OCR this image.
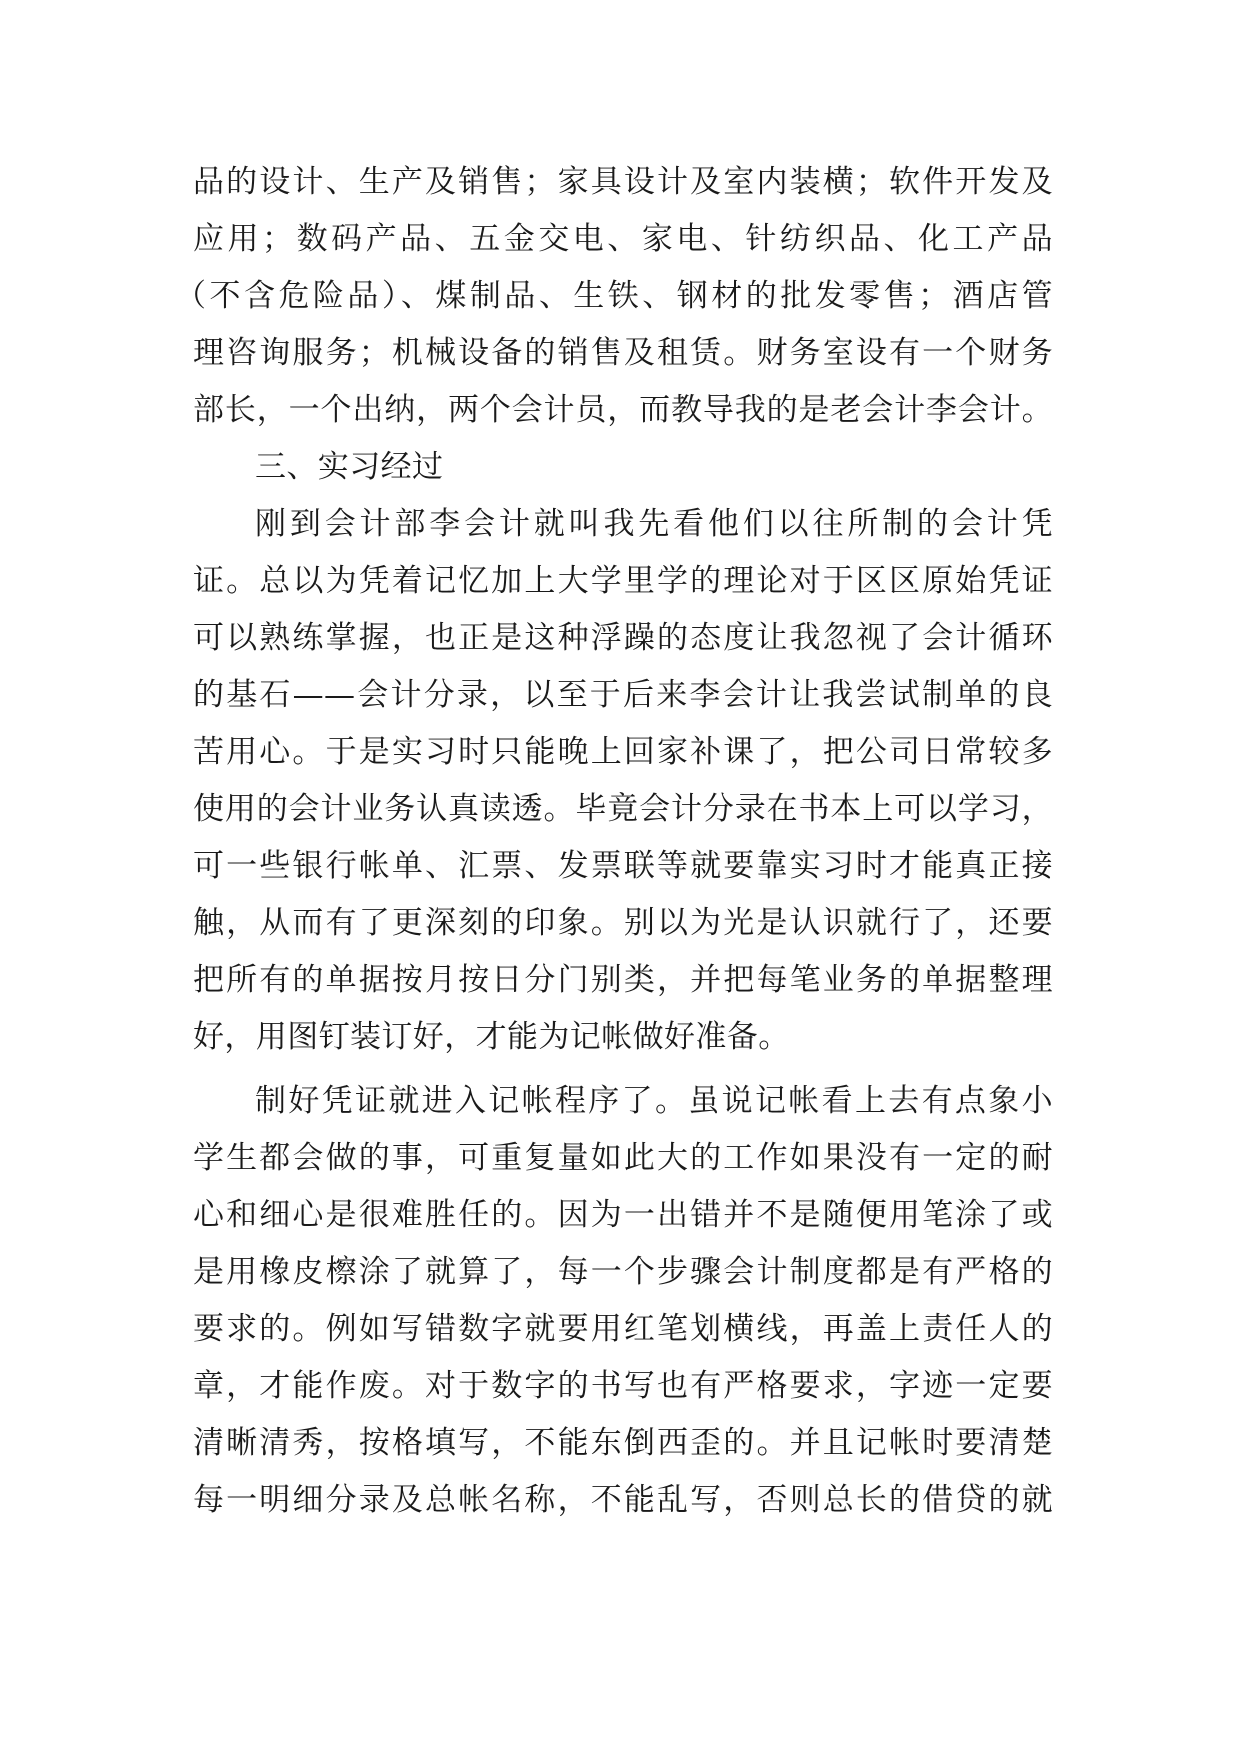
品的设计、生产及销售；家具设计及室内装横；软件开发及
应用；数码产品、五金交电、家电、针纺织品、化工产品
（不含危险品）、煤制品、生铁、钢材的批发零售；酒店管
理咨询服务；机械设备的销售及租赁。财务室设有一个财务
部长，一个出纳，两个会计员，而教导我的是老会计李会计。
三、实习经过
刚到会计部李会计就叫我先看他们以往所制的会计凭
证。总以为凭着记忆加上大学里学的理论对于区区原始凭证
可以熟练掌握，也正是这种浮躁的态度让我忽视了会计循环
的基石——会计分录，以至于后来李会计让我尝试制单的良
苦用心。于是实习时只能晚上回家补课了，把公司日常较多
使用的会计业务认真读透。毕竟会计分录在书本上可以学习，
可一些银行帐单、汇票、发票联等就要靠实习时才能真正接
触，从而有了更深刻的印象。别以为光是认识就行了，还要
把所有的单据按月按日分门别类，并把每笔业务的单据整理
好，用图钉装订好，才能为记帐做好准备。
制好凭证就进入记帐程序了。虽说记帐看上去有点象小
学生都会做的事，可重复量如此大的工作如果没有一定的耐
心和细心是很难胜任的。因为一出错并不是随便用笔涂了或
是用橡皮檫涂了就算了，每一个步骤会计制度都是有严格的
要求的。例如写错数字就要用红笔划横线，再盖上责任人的
章，才能作废。对于数字的书写也有严格要求，字迹一定要
清晰清秀，按格填写，不能东倒西歪的。并且记帐时要清楚
每一明细分录及总帐名称，不能乱写，否则总长的借贷的就
